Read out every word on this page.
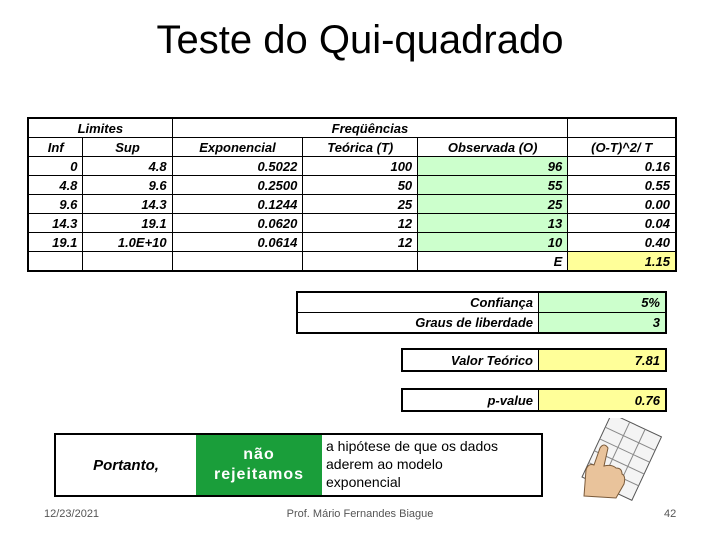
Teste do Qui-quadrado
Limites		Freqüências			
Inf	Sup	Exponencial	Teórica (T)	Observada (O)	(O-T)^2/ T
0	4.8	0.5022	100	96	0.16
4.8	9.6	0.2500	50	55	0.55
9.6	14.3	0.1244	25	25	0.00
14.3	19.1	0.0620	12	13	0.04
19.1	1.0E+10	0.0614	12	10	0.40
				E	1.15
Confiança	5%
Graus de liberdade	3
Valor Teórico	7.81
p-value	0.76
Portanto,
não
rejeitamos
a hipótese de que os dados
aderem ao modelo
exponencial
12/23/2021	Prof. Mário Fernandes Biague	42
